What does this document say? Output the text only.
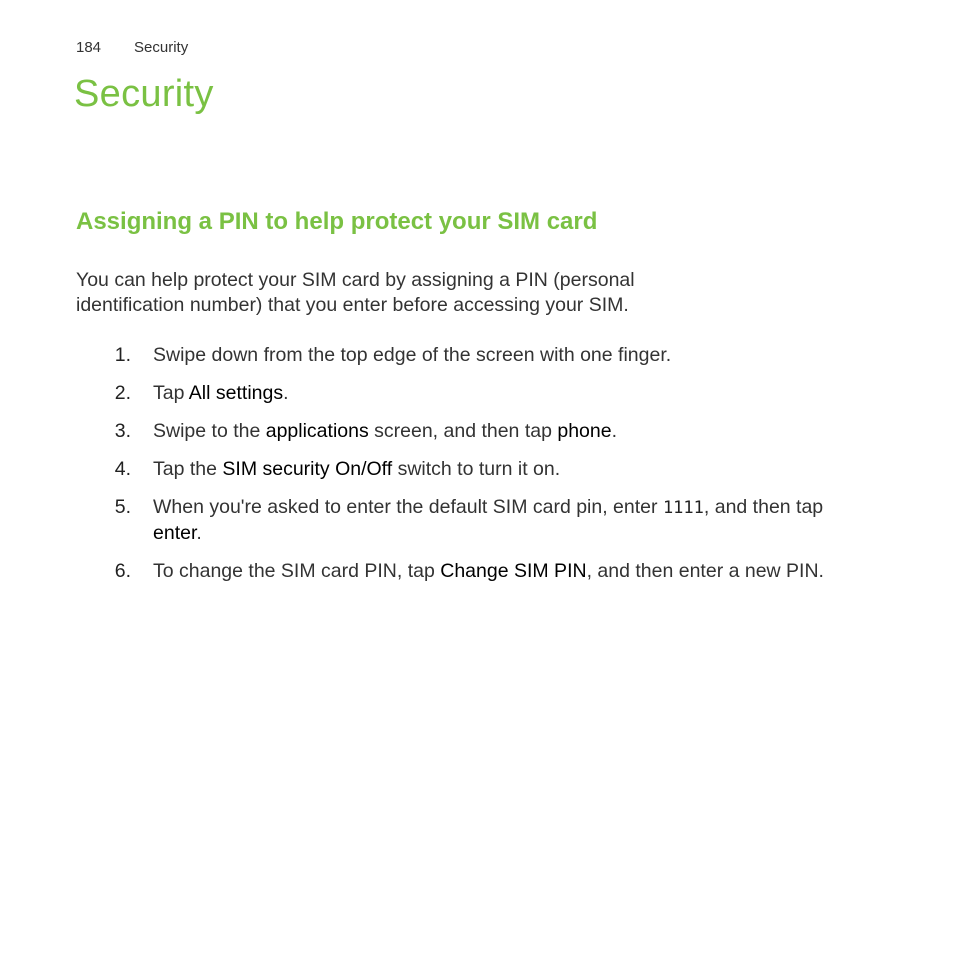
184 Security
Security
Assigning a PIN to help protect your SIM card

You can help protect your SIM card by assigning a PIN (personal
identification number) that you enter before accessing your SIM.

1. Swipe down from the top edge of the screen with one finger.
2. Tap All settings.
3. Swipe to the applications screen, and then tap phone.
4. Tap the SIM security On/Off switch to turn it on.
5. When you're asked to enter the default SIM card pin, enter 1111, and then tap enter.
6. To change the SIM card PIN, tap Change SIM PIN, and then enter a new PIN.
